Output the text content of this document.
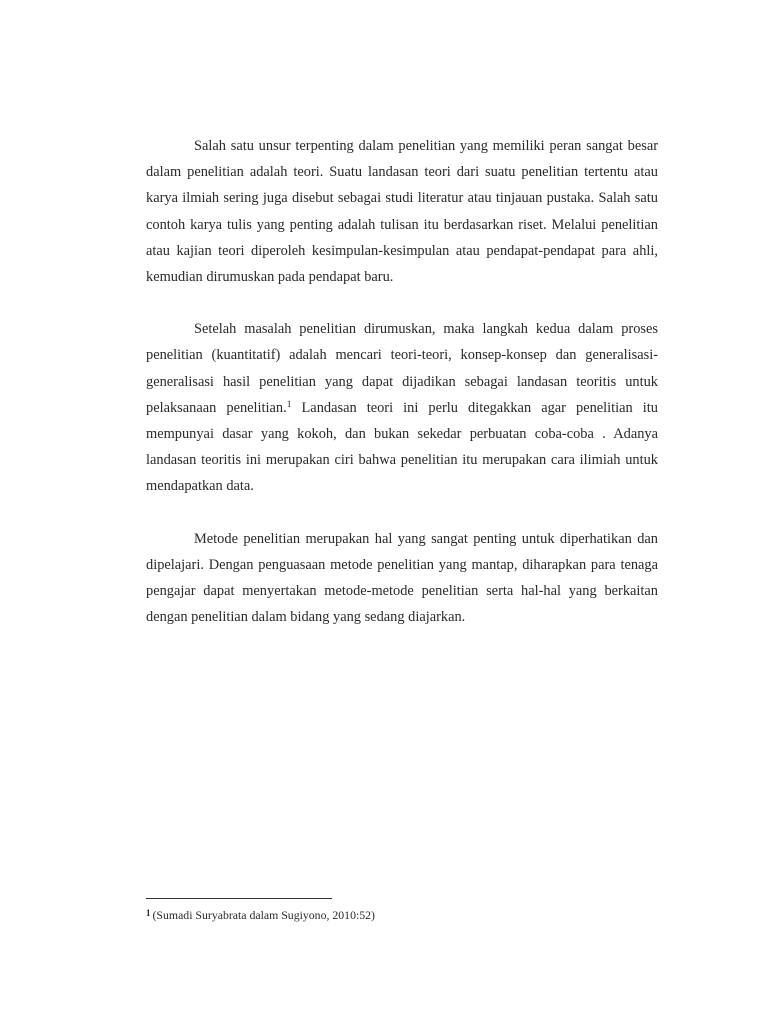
Salah satu unsur terpenting dalam penelitian yang memiliki peran sangat besar dalam penelitian adalah teori. Suatu landasan teori dari suatu penelitian tertentu atau karya ilmiah sering juga disebut sebagai studi literatur atau tinjauan pustaka. Salah satu contoh karya tulis yang penting adalah tulisan itu berdasarkan riset. Melalui penelitian atau kajian teori diperoleh kesimpulan-kesimpulan atau pendapat-pendapat para ahli, kemudian dirumuskan pada pendapat baru.

Setelah masalah penelitian dirumuskan, maka langkah kedua dalam proses penelitian (kuantitatif) adalah mencari teori-teori, konsep-konsep dan generalisasi-generalisasi hasil penelitian yang dapat dijadikan sebagai landasan teoritis untuk pelaksanaan penelitian.$^1$ Landasan teori ini perlu ditegakkan agar penelitian itu mempunyai dasar yang kokoh, dan bukan sekedar perbuatan coba-coba . Adanya landasan teoritis ini merupakan ciri bahwa penelitian itu merupakan cara ilimiah untuk mendapatkan data.

Metode penelitian merupakan hal yang sangat penting untuk diperhatikan dan dipelajari. Dengan penguasaan metode penelitian yang mantap, diharapkan para tenaga pengajar dapat menyertakan metode-metode penelitian serta hal-hal yang berkaitan dengan penelitian dalam bidang yang sedang diajarkan.

$^1$ (Sumadi Suryabrata dalam Sugiyono, 2010:52)
